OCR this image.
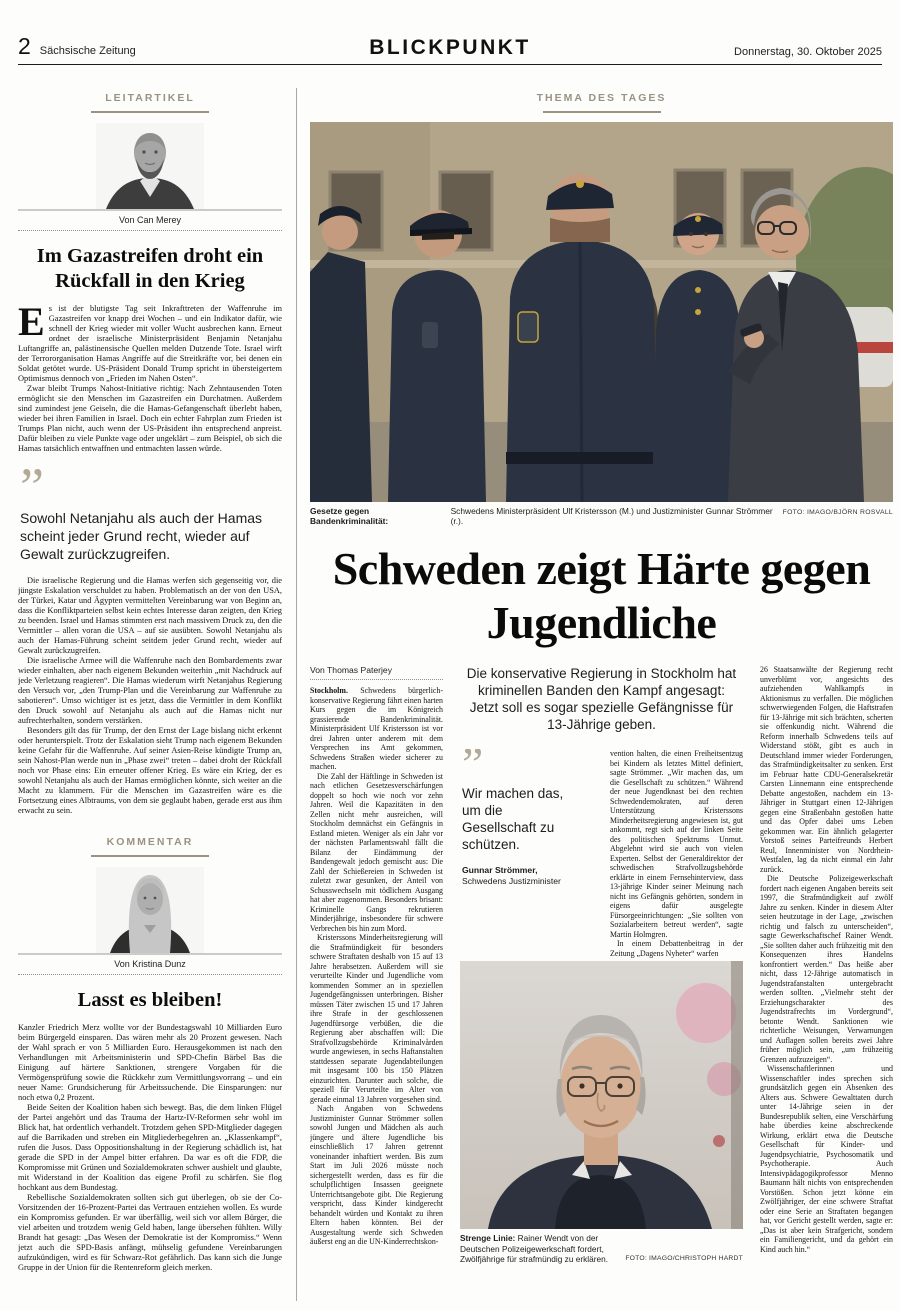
2 Sächsische Zeitung	BLICKPUNKT	Donnerstag, 30. Oktober 2025
LEITARTIKEL
Von Can Merey
Im Gazastreifen droht ein Rückfall in den Krieg

Es ist der blutigste Tag seit Inkrafttreten der Waffenruhe im Gazastreifen vor knapp drei Wochen – und ein Indikator dafür, wie schnell der Krieg wieder mit voller Wucht ausbrechen kann. Erneut ordnet der israelische Ministerpräsident Benjamin Netanjahu Luftangriffe an, palästinensische Quellen melden Dutzende Tote. Israel wirft der Terrororganisation Hamas Angriffe auf die Streitkräfte vor, bei denen ein Soldat getötet wurde. US-Präsident Donald Trump spricht in übersteigertem Optimismus dennoch von „Frieden im Nahen Osten“.

Zwar bleibt Trumps Nahost-Initiative richtig: Nach Zehntausenden Toten ermöglicht sie den Menschen im Gazastreifen ein Durchatmen. Außerdem sind zumindest jene Geiseln, die die Hamas-Gefangenschaft überlebt haben, wieder bei ihren Familien in Israel. Doch ein echter Fahrplan zum Frieden ist Trumps Plan nicht, auch wenn der US-Präsident ihn entsprechend anpreist. Dafür bleiben zu viele Punkte vage oder ungeklärt – zum Beispiel, ob sich die Hamas tatsächlich entwaffnen und entmachten lassen würde.

”
Sowohl Netanjahu als auch der Hamas scheint jeder Grund recht, wieder auf Gewalt zurückzugreifen.

Die israelische Regierung und die Hamas werfen sich gegenseitig vor, die jüngste Eskalation verschuldet zu haben. Problematisch an der von den USA, der Türkei, Katar und Ägypten vermittelten Vereinbarung war von Beginn an, dass die Konfliktparteien selbst kein echtes Interesse daran zeigten, den Krieg zu beenden. Israel und Hamas stimmten erst nach massivem Druck zu, den die Vermittler – allen voran die USA – auf sie ausübten. Sowohl Netanjahu als auch der Hamas-Führung scheint seitdem jeder Grund recht, wieder auf Gewalt zurückzugreifen.

Die israelische Armee will die Waffenruhe nach den Bombardements zwar wieder einhalten, aber nach eigenem Bekunden weiterhin „mit Nachdruck auf jede Verletzung reagieren“. Die Hamas wiederum wirft Netanjahus Regierung den Versuch vor, „den Trump-Plan und die Vereinbarung zur Waffenruhe zu sabotieren“. Umso wichtiger ist es jetzt, dass die Vermittler in dem Konflikt den Druck sowohl auf Netanjahu als auch auf die Hamas nicht nur aufrechterhalten, sondern verstärken.

Besonders gilt das für Trump, der den Ernst der Lage bislang nicht erkennt oder herunterspielt. Trotz der Eskalation sieht Trump nach eigenem Bekunden keine Gefahr für die Waffenruhe. Auf seiner Asien-Reise kündigte Trump an, sein Nahost-Plan werde nun in „Phase zwei“ treten – dabei droht der Rückfall noch vor Phase eins: Ein erneuter offener Krieg. Es wäre ein Krieg, der es sowohl Netanjahu als auch der Hamas ermöglichen könnte, sich weiter an die Macht zu klammern. Für die Menschen im Gazastreifen wäre es die Fortsetzung eines Albtraums, von dem sie geglaubt haben, gerade erst aus ihm erwacht zu sein.

KOMMENTAR
Von Kristina Dunz
Lasst es bleiben!

Kanzler Friedrich Merz wollte vor der Bundestagswahl 10 Milliarden Euro beim Bürgergeld einsparen. Das wären mehr als 20 Prozent gewesen. Nach der Wahl sprach er von 5 Milliarden Euro. Herausgekommen ist nach den Verhandlungen mit Arbeitsministerin und SPD-Chefin Bärbel Bas die Einigung auf härtere Sanktionen, strengere Vorgaben für die Vermögensprüfung sowie die Rückkehr zum Vermittlungsvorrang – und ein neuer Name: Grundsicherung für Arbeitssuchende. Die Einsparungen: nur noch etwa 0,2 Prozent.

Beide Seiten der Koalition haben sich bewegt. Bas, die dem linken Flügel der Partei angehört und das Trauma der Hartz-IV-Reformen sehr wohl im Blick hat, hat ordentlich verhandelt. Trotzdem gehen SPD-Mitglieder dagegen auf die Barrikaden und streben ein Mitgliederbegehren an. „Klassenkampf“, rufen die Jusos. Dass Oppositionshaltung in der Regierung schädlich ist, hat gerade die SPD in der Ampel bitter erfahren. Da war es oft die FDP, die Kompromisse mit Grünen und Sozialdemokraten schwer aushielt und glaubte, mit Widerstand in der Koalition das eigene Profil zu schärfen. Sie flog hochkant aus dem Bundestag.

Rebellische Sozialdemokraten sollten sich gut überlegen, ob sie der Co-Vorsitzenden der 16-Prozent-Partei das Vertrauen entziehen wollen. Es wurde ein Kompromiss gefunden. Er war überfällig, weil sich vor allem Bürger, die viel arbeiten und trotzdem wenig Geld haben, lange übersehen fühlten. Willy Brandt hat gesagt: „Das Wesen der Demokratie ist der Kompromiss.“ Wenn jetzt auch die SPD-Basis anfängt, mühselig gefundene Vereinbarungen aufzukündigen, wird es für Schwarz-Rot gefährlich. Das kann sich die Junge Gruppe in der Union für die Rentenreform gleich merken.

THEMA DES TAGES
Gesetze gegen Bandenkriminalität:
Schwedens Ministerpräsident Ulf Kristersson (M.) und Justizminister Gunnar Strömmer (r.).
FOTO: IMAGO/BJÖRN ROSVALL
Schweden zeigt Härte gegen Jugendliche
Von Thomas Paterjey

Stockholm. Schwedens bürgerlich-konservative Regierung fährt einen harten Kurs gegen die im Königreich grassierende Bandenkriminalität. Ministerpräsident Ulf Kristersson ist vor drei Jahren unter anderem mit dem Versprechen ins Amt gekommen, Schwedens Straßen wieder sicherer zu machen.

Die Zahl der Häftlinge in Schweden ist nach etlichen Gesetzesverschärfungen doppelt so hoch wie noch vor zehn Jahren. Weil die Kapazitäten in den Zellen nicht mehr ausreichen, will Stockholm demnächst ein Gefängnis in Estland mieten. Weniger als ein Jahr vor der nächsten Parlamentswahl fällt die Bilanz der Eindämmung der Bandengewalt jedoch gemischt aus: Die Zahl der Schießereien in Schweden ist zuletzt zwar gesunken, der Anteil von Schusswechseln mit tödlichem Ausgang hat aber zugenommen. Besonders brisant: Kriminelle Gangs rekrutieren Minderjährige, insbesondere für schwere Verbrechen bis hin zum Mord.

Kristerssons Minderheitsregierung will die Strafmündigkeit für besonders schwere Straftaten deshalb von 15 auf 13 Jahre herabsetzen. Außerdem will sie verurteilte Kinder und Jugendliche vom kommenden Sommer an in speziellen Jugendgefängnissen unterbringen. Bisher müssen Täter zwischen 15 und 17 Jahren ihre Strafe in der geschlossenen Jugendfürsorge verbüßen, die die Regierung aber abschaffen will: Die Strafvollzugsbehörde Kriminalvården wurde angewiesen, in sechs Haftanstalten stattdessen separate Jugendabteilungen mit insgesamt 100 bis 150 Plätzen einzurichten. Darunter auch solche, die speziell für Verurteilte im Alter von gerade einmal 13 Jahren vorgesehen sind.

Nach Angaben von Schwedens Justizminister Gunnar Strömmer sollen sowohl Jungen und Mädchen als auch jüngere und ältere Jugendliche bis einschließlich 17 Jahren getrennt voneinander inhaftiert werden. Bis zum Start im Juli 2026 müsste noch sichergestellt werden, dass es für die schulpflichtigen Insassen geeignete Unterrichtsangebote gibt. Die Regierung verspricht, dass Kinder kindgerecht behandelt würden und Kontakt zu ihren Eltern haben könnten. Bei der Ausgestaltung werde sich Schweden äußerst eng an die UN-Kinderrechtskon-

Die konservative Regierung in Stockholm hat kriminellen Banden den Kampf angesagt: Jetzt soll es sogar spezielle Gefängnisse für 13-Jährige geben.
”
Wir machen das, um die Gesellschaft zu schützen.
Gunnar Strömmer,
Schwedens Justizminister

vention halten, die einen Freiheitsentzug bei Kindern als letztes Mittel definiert, sagte Strömmer. „Wir machen das, um die Gesellschaft zu schützen.“ Während der neue Jugendknast bei den rechten Schwedendemokraten, auf deren Unterstützung Kristerssons Minderheitsregierung angewiesen ist, gut ankommt, regt sich auf der linken Seite des politischen Spektrums Unmut. Abgelehnt wird sie auch von vielen Experten. Selbst der Generaldirektor der schwedischen Strafvollzugsbehörde erklärte in einem Fernsehinterview, dass 13-jährige Kinder seiner Meinung nach nicht ins Gefängnis gehörten, sondern in eigens dafür ausgelegte Fürsorgeeinrichtungen: „Sie sollten von Sozialarbeitern betreut werden“, sagte Martin Holmgren.

In einem Debattenbeitrag in der Zeitung „Dagens Nyheter“ warfen

Strenge Linie: Rainer Wendt von der Deutschen Polizeigewerkschaft fordert, Zwölfjährige für strafmündig zu erklären.	FOTO: IMAGO/CHRISTOPH HARDT

26 Staatsanwälte der Regierung recht unverblümt vor, angesichts des aufziehenden Wahlkampfs in Aktionismus zu verfallen. Die möglichen schwerwiegenden Folgen, die Haftstrafen für 13-Jährige mit sich brächten, scherten sie offenkundig nicht. Während die Reform innerhalb Schwedens teils auf Widerstand stößt, gibt es auch in Deutschland immer wieder Forderungen, das Strafmündigkeitsalter zu senken. Erst im Februar hatte CDU-Generalsekretär Carsten Linnemann eine entsprechende Debatte angestoßen, nachdem ein 13-Jähriger in Stuttgart einen 12-Jährigen gegen eine Straßenbahn gestoßen hatte und das Opfer dabei ums Leben gekommen war. Ein ähnlich gelagerter Vorstoß seines Parteifreunds Herbert Reul, Innenminister von Nordrhein-Westfalen, lag da nicht einmal ein Jahr zurück.

Die Deutsche Polizeigewerkschaft fordert nach eigenen Angaben bereits seit 1997, die Strafmündigkeit auf zwölf Jahre zu senken. Kinder in diesem Alter seien heutzutage in der Lage, „zwischen richtig und falsch zu unterscheiden“, sagte Gewerkschaftschef Rainer Wendt. „Sie sollten daher auch frühzeitig mit den Konsequenzen ihres Handelns konfrontiert werden.“ Das heiße aber nicht, dass 12-Jährige automatisch in Jugendstrafanstalten untergebracht werden sollten. „Vielmehr steht der Erziehungscharakter des Jugendstrafrechts im Vordergrund“, betonte Wendt. Sanktionen wie richterliche Weisungen, Verwarnungen und Auflagen sollen bereits zwei Jahre früher möglich sein, „um frühzeitig Grenzen aufzuzeigen“.

Wissenschaftlerinnen und Wissenschaftler indes sprechen sich grundsätzlich gegen ein Absenken des Alters aus. Schwere Gewalttaten durch unter 14-Jährige seien in der Bundesrepublik selten, eine Verschärfung habe überdies keine abschreckende Wirkung, erklärt etwa die Deutsche Gesellschaft für Kinder- und Jugendpsychiatrie, Psychosomatik und Psychotherapie. Auch Intensivpädagogikprofessor Menno Baumann hält nichts von entsprechenden Vorstößen. Schon jetzt könne ein Zwölfjähriger, der eine schwere Straftat oder eine Serie an Straftaten begangen hat, vor Gericht gestellt werden, sagte er: „Das ist aber kein Strafgericht, sondern ein Familiengericht, und da gehört ein Kind auch hin.“
